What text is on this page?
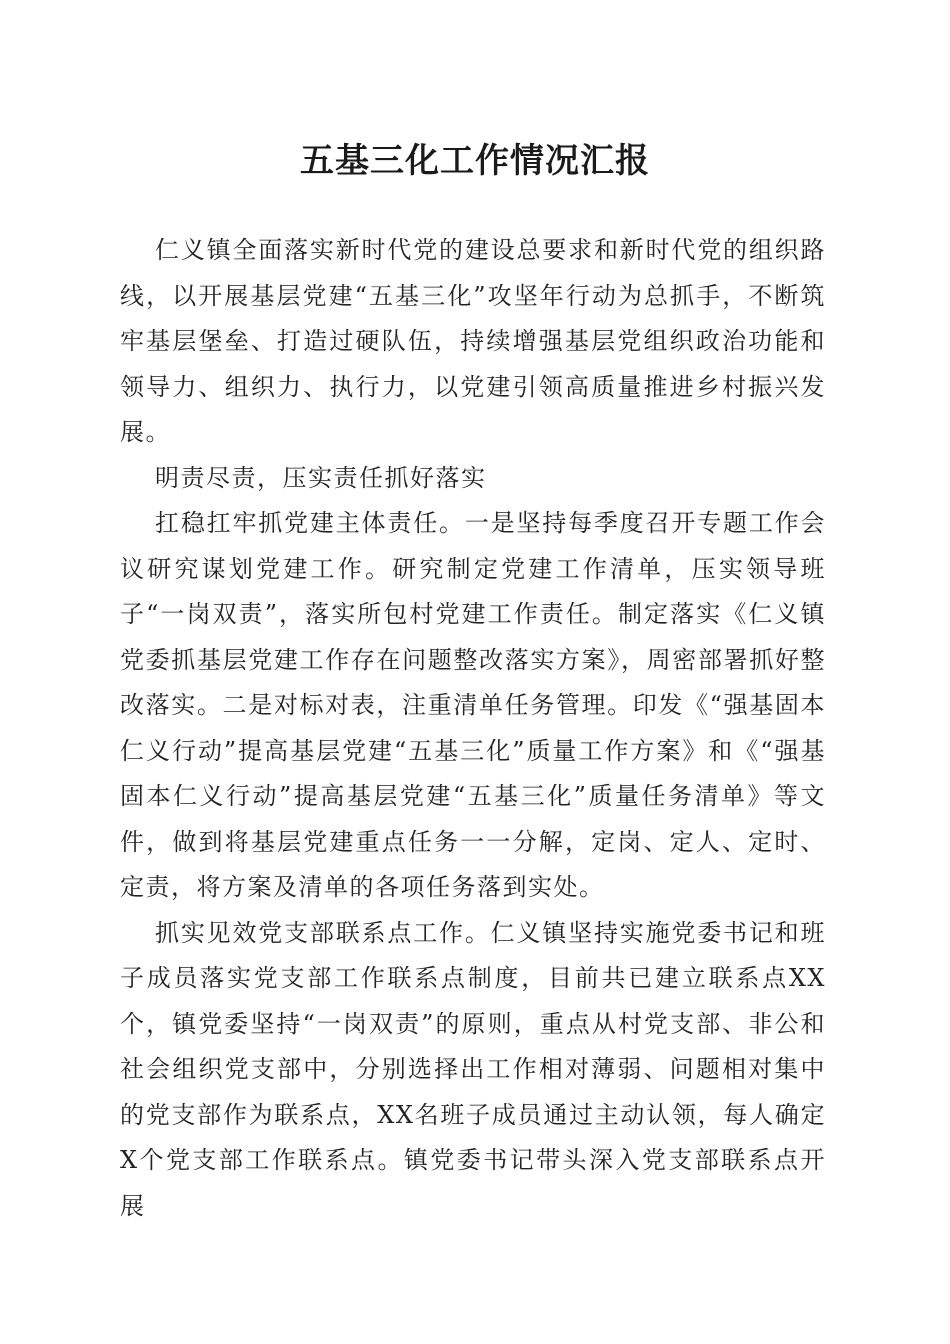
五基三化工作情况汇报

仁义镇全面落实新时代党的建设总要求和新时代党的组织路线，以开展基层党建“五基三化”攻坚年行动为总抓手，不断筑牢基层堡垒、打造过硬队伍，持续增强基层党组织政治功能和领导力、组织力、执行力，以党建引领高质量推进乡村振兴发展。

明责尽责，压实责任抓好落实

扛稳扛牢抓党建主体责任。一是坚持每季度召开专题工作会议研究谋划党建工作。研究制定党建工作清单，压实领导班子“一岗双责”，落实所包村党建工作责任。制定落实《仁义镇党委抓基层党建工作存在问题整改落实方案》，周密部署抓好整改落实。二是对标对表，注重清单任务管理。印发《“强基固本仁义行动”提高基层党建“五基三化”质量工作方案》和《“强基固本仁义行动”提高基层党建“五基三化”质量任务清单》等文件，做到将基层党建重点任务一一分解，定岗、定人、定时、定责，将方案及清单的各项任务落到实处。

抓实见效党支部联系点工作。仁义镇坚持实施党委书记和班子成员落实党支部工作联系点制度，目前共已建立联系点XX个，镇党委坚持“一岗双责”的原则，重点从村党支部、非公和社会组织党支部中，分别选择出工作相对薄弱、问题相对集中的党支部作为联系点，XX名班子成员通过主动认领，每人确定X个党支部工作联系点。镇党委书记带头深入党支部联系点开展
